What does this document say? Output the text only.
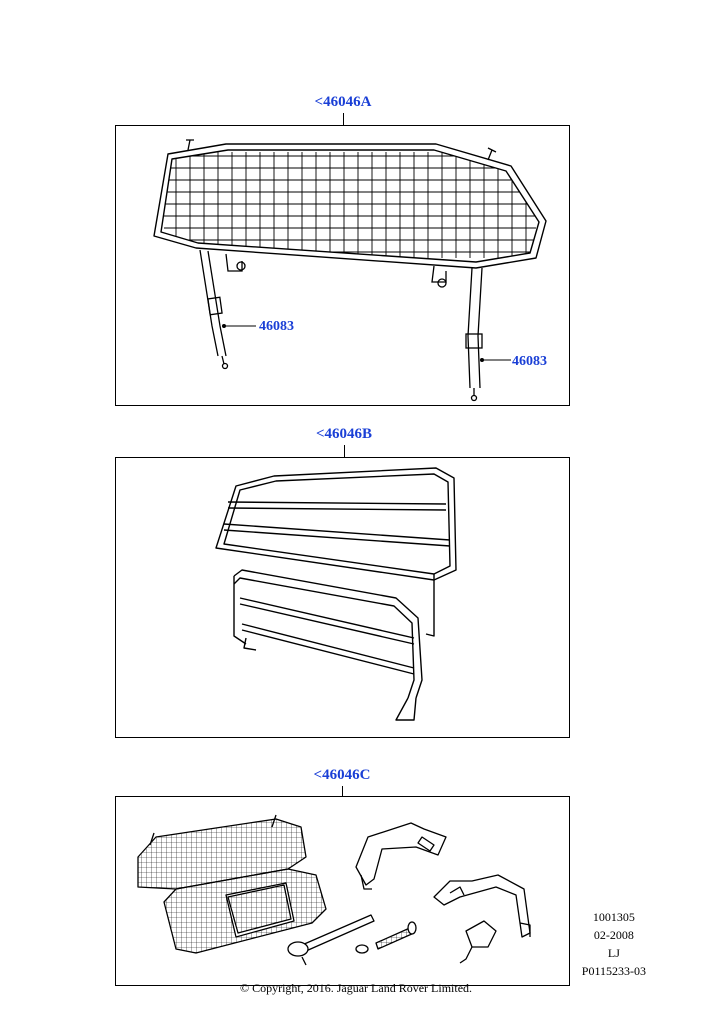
<46046A
46083
46083
<46046B
<46046C
1001305
02-2008
LJ
P0115233-03
© Copyright, 2016. Jaguar Land Rover Limited.
